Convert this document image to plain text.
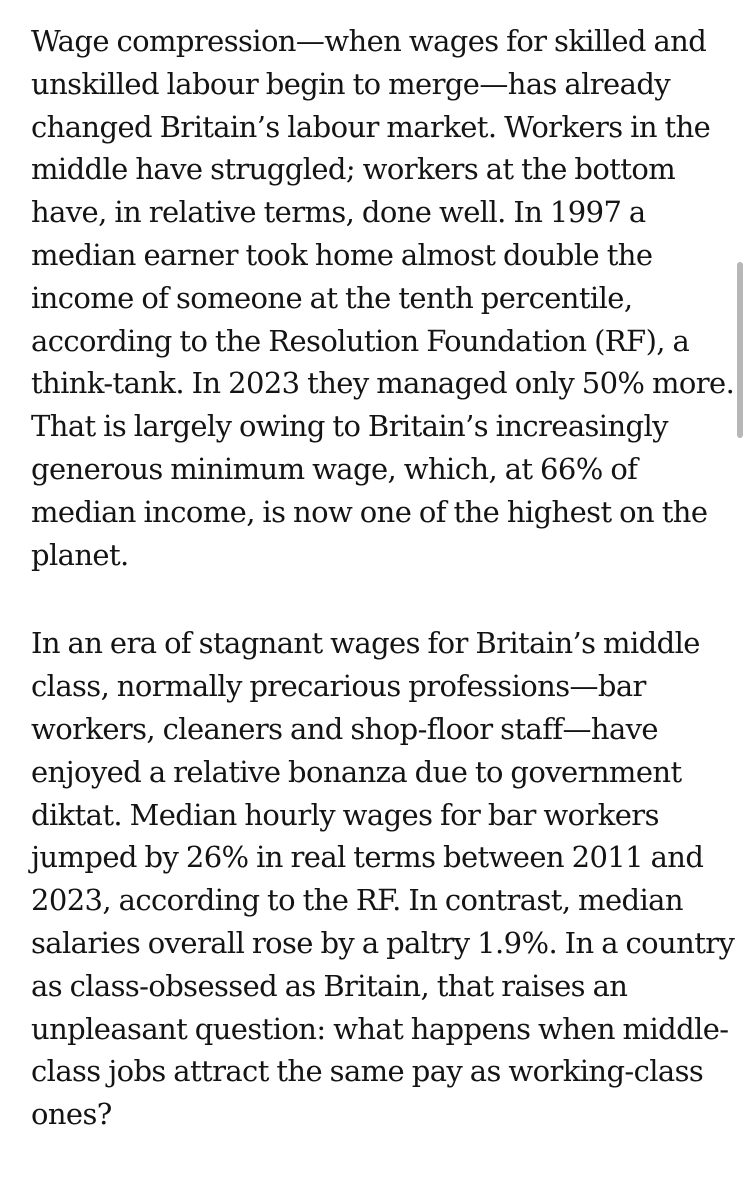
Wage compression—when wages for skilled and
unskilled labour begin to merge—has already
changed Britain’s labour market. Workers in the
middle have struggled; workers at the bottom
have, in relative terms, done well. In 1997 a
median earner took home almost double the
income of someone at the tenth percentile,
according to the Resolution Foundation (RF), a
think-tank. In 2023 they managed only 50% more.
That is largely owing to Britain’s increasingly
generous minimum wage, which, at 66% of
median income, is now one of the highest on the
planet.

In an era of stagnant wages for Britain’s middle
class, normally precarious professions—bar
workers, cleaners and shop-floor staff—have
enjoyed a relative bonanza due to government
diktat. Median hourly wages for bar workers
jumped by 26% in real terms between 2011 and
2023, according to the RF. In contrast, median
salaries overall rose by a paltry 1.9%. In a country
as class-obsessed as Britain, that raises an
unpleasant question: what happens when middle-
class jobs attract the same pay as working-class
ones?
